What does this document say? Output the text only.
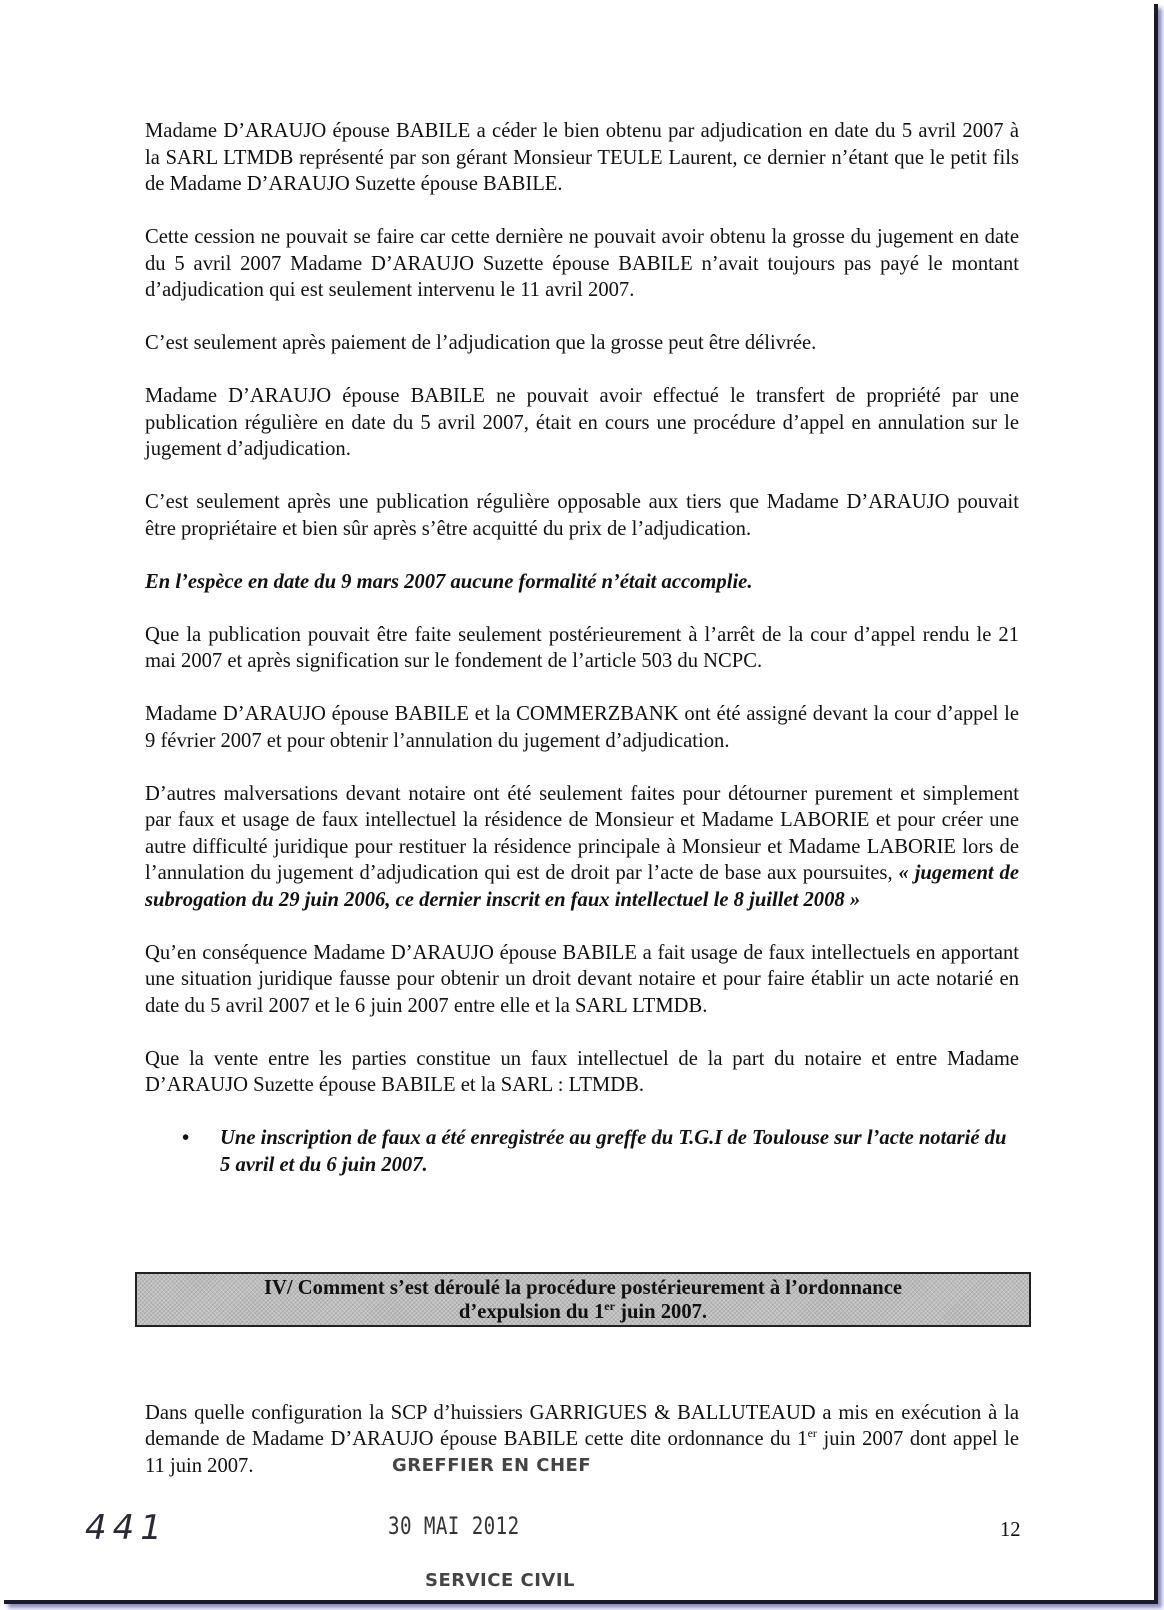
Madame D’ARAUJO épouse BABILE a céder le bien obtenu par adjudication en date du 5 avril 2007 à la SARL LTMDB représenté par son gérant Monsieur TEULE Laurent, ce dernier n’étant que le petit fils de Madame D’ARAUJO Suzette épouse BABILE.

Cette cession ne pouvait se faire car cette dernière ne pouvait avoir obtenu la grosse du jugement en date du 5 avril 2007 Madame D’ARAUJO Suzette épouse BABILE n’avait toujours pas payé le montant d’adjudication qui est seulement intervenu le 11 avril 2007.

C’est seulement après paiement de l’adjudication que la grosse peut être délivrée.

Madame D’ARAUJO épouse BABILE ne pouvait avoir effectué le transfert de propriété par une publication régulière en date du 5 avril 2007, était en cours une procédure d’appel en annulation sur le jugement d’adjudication.

C’est seulement après une publication régulière opposable aux tiers que Madame D’ARAUJO pouvait être propriétaire et bien sûr après s’être acquitté du prix de l’adjudication.

En l’espèce en date du 9 mars 2007 aucune formalité n’était accomplie.

Que la publication pouvait être faite seulement postérieurement à l’arrêt de la cour d’appel rendu le 21 mai 2007 et après signification sur le fondement de l’article 503 du NCPC.

Madame D’ARAUJO épouse BABILE et la COMMERZBANK ont été assigné devant la cour d’appel le 9 février 2007 et pour obtenir l’annulation du jugement d’adjudication.

D’autres malversations devant notaire ont été seulement faites pour détourner purement et simplement par faux et usage de faux intellectuel la résidence de Monsieur et Madame LABORIE et pour créer une autre difficulté juridique pour restituer la résidence principale à Monsieur et Madame LABORIE lors de l’annulation du jugement d’adjudication qui est de droit par l’acte de base aux poursuites, « jugement de subrogation du 29 juin 2006, ce dernier inscrit en faux intellectuel le 8 juillet 2008 »

Qu’en conséquence Madame D’ARAUJO épouse BABILE a fait usage de faux intellectuels en apportant une situation juridique fausse pour obtenir un droit devant notaire et pour faire établir un acte notarié en date du 5 avril 2007 et le 6 juin 2007 entre elle et la SARL LTMDB.

Que la vente entre les parties constitue un faux intellectuel de la part du notaire et entre Madame D’ARAUJO Suzette épouse BABILE et la SARL : LTMDB.

• Une inscription de faux a été enregistrée au greffe du T.G.I de Toulouse sur l’acte notarié du 5 avril et du 6 juin 2007.
IV/ Comment s’est déroulé la procédure postérieurement à l’ordonnance
d’expulsion du 1er juin 2007.

Dans quelle configuration la SCP d’huissiers GARRIGUES & BALLUTEAUD a mis en exécution à la demande de Madame D’ARAUJO épouse BABILE cette dite ordonnance du 1er juin 2007 dont appel le 11 juin 2007.	GREFFIER EN CHEF
30 MAI 2012
SERVICE CIVIL
441	12
